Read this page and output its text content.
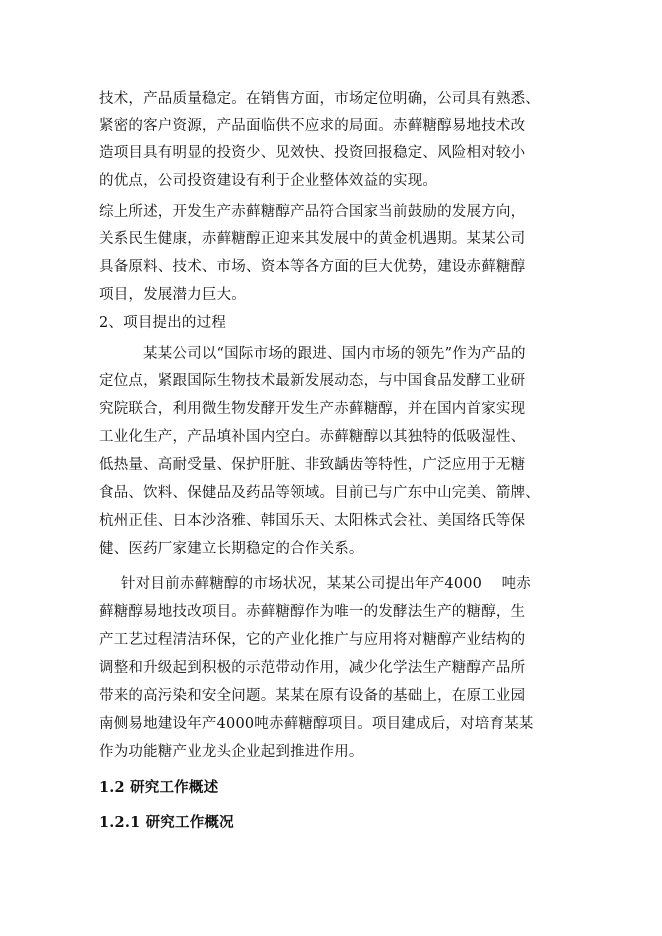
技术，产品质量稳定。在销售方面，市场定位明确，公司具有熟悉、
紧密的客户资源，产品面临供不应求的局面。赤藓糖醇易地技术改
造项目具有明显的投资少、见效快、投资回报稳定、风险相对较小
的优点，公司投资建设有利于企业整体效益的实现。
综上所述，开发生产赤藓糖醇产品符合国家当前鼓励的发展方向，
关系民生健康，赤藓糖醇正迎来其发展中的黄金机遇期。某某公司
具备原料、技术、市场、资本等各方面的巨大优势，建设赤藓糖醇
项目，发展潜力巨大。
2、项目提出的过程
某某公司以“国际市场的跟进、国内市场的领先”作为产品的
定位点，紧跟国际生物技术最新发展动态，与中国食品发酵工业研
究院联合，利用微生物发酵开发生产赤藓糖醇，并在国内首家实现
工业化生产，产品填补国内空白。赤藓糖醇以其独特的低吸湿性、
低热量、高耐受量、保护肝脏、非致龋齿等特性，广泛应用于无糖
食品、饮料、保健品及药品等领域。目前已与广东中山完美、箭牌、
杭州正佳、日本沙洛雅、韩国乐天、太阳株式会社、美国络氏等保
健、医药厂家建立长期稳定的合作关系。
针对目前赤藓糖醇的市场状况，某某公司提出年产4000　 吨赤
藓糖醇易地技改项目。赤藓糖醇作为唯一的发酵法生产的糖醇，生
产工艺过程清洁环保，它的产业化推广与应用将对糖醇产业结构的
调整和升级起到积极的示范带动作用，减少化学法生产糖醇产品所
带来的高污染和安全问题。某某在原有设备的基础上，在原工业园
南侧易地建设年产4000吨赤藓糖醇项目。项目建成后，对培育某某
作为功能糖产业龙头企业起到推进作用。
1.2 研究工作概述
1.2.1 研究工作概况
